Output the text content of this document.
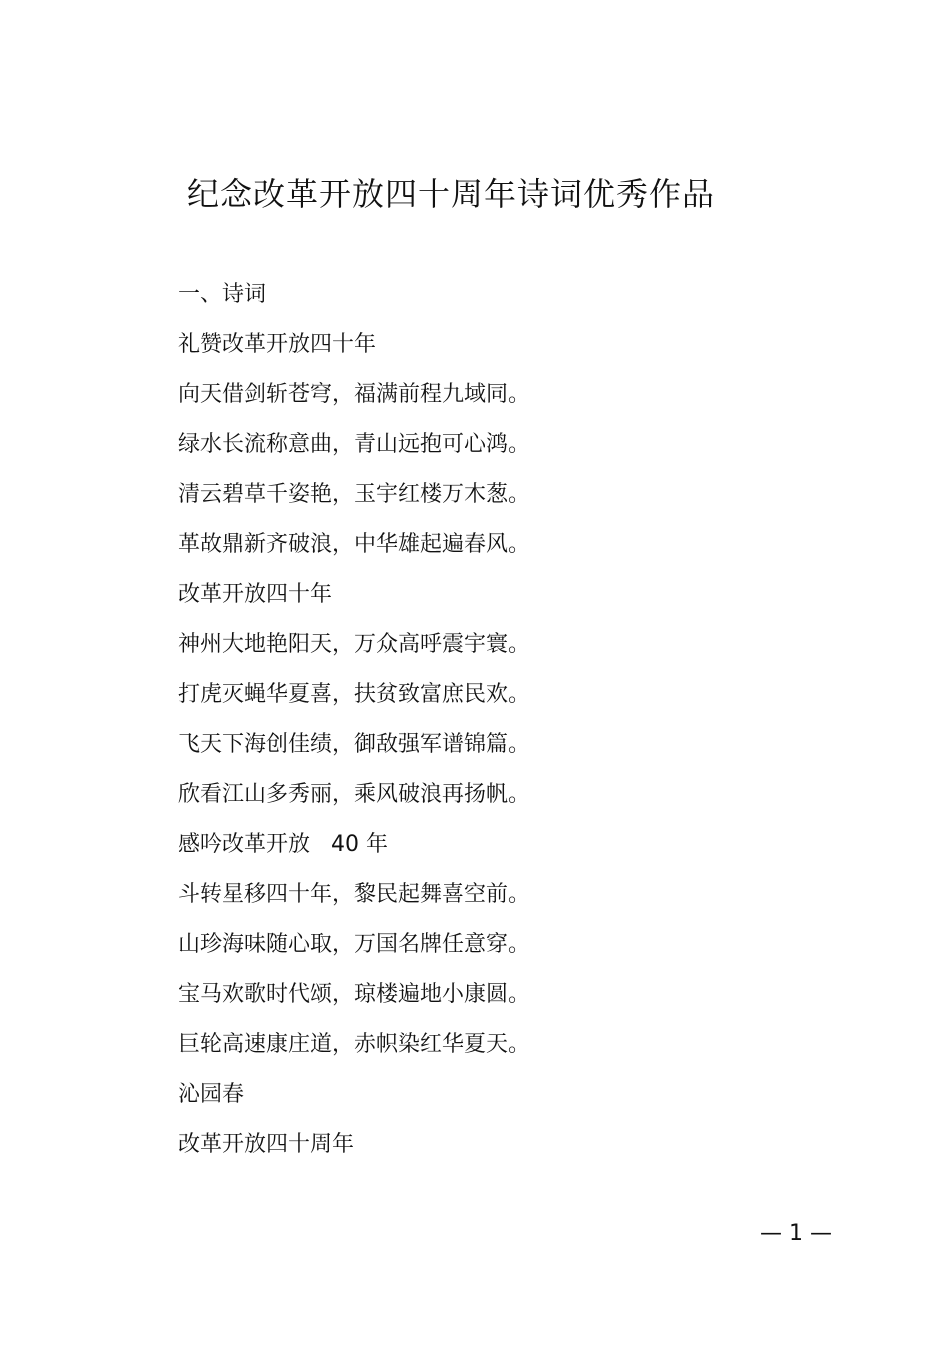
纪念改革开放四十周年诗词优秀作品
一、诗词
礼赞改革开放四十年
向天借剑斩苍穹，福满前程九域同。
绿水长流称意曲，青山远抱可心鸿。
清云碧草千姿艳，玉宇红楼万木葱。
革故鼎新齐破浪，中华雄起遍春风。
改革开放四十年
神州大地艳阳天，万众高呼震宇寰。
打虎灭蝇华夏喜，扶贫致富庶民欢。
飞天下海创佳绩，御敌强军谱锦篇。
欣看江山多秀丽，乘风破浪再扬帆。
感吟改革开放   40 年
斗转星移四十年，黎民起舞喜空前。
山珍海味随心取，万国名牌任意穿。
宝马欢歌时代颂，琼楼遍地小康圆。
巨轮高速康庄道，赤帜染红华夏天。
沁园春
改革开放四十周年
— 1 —
